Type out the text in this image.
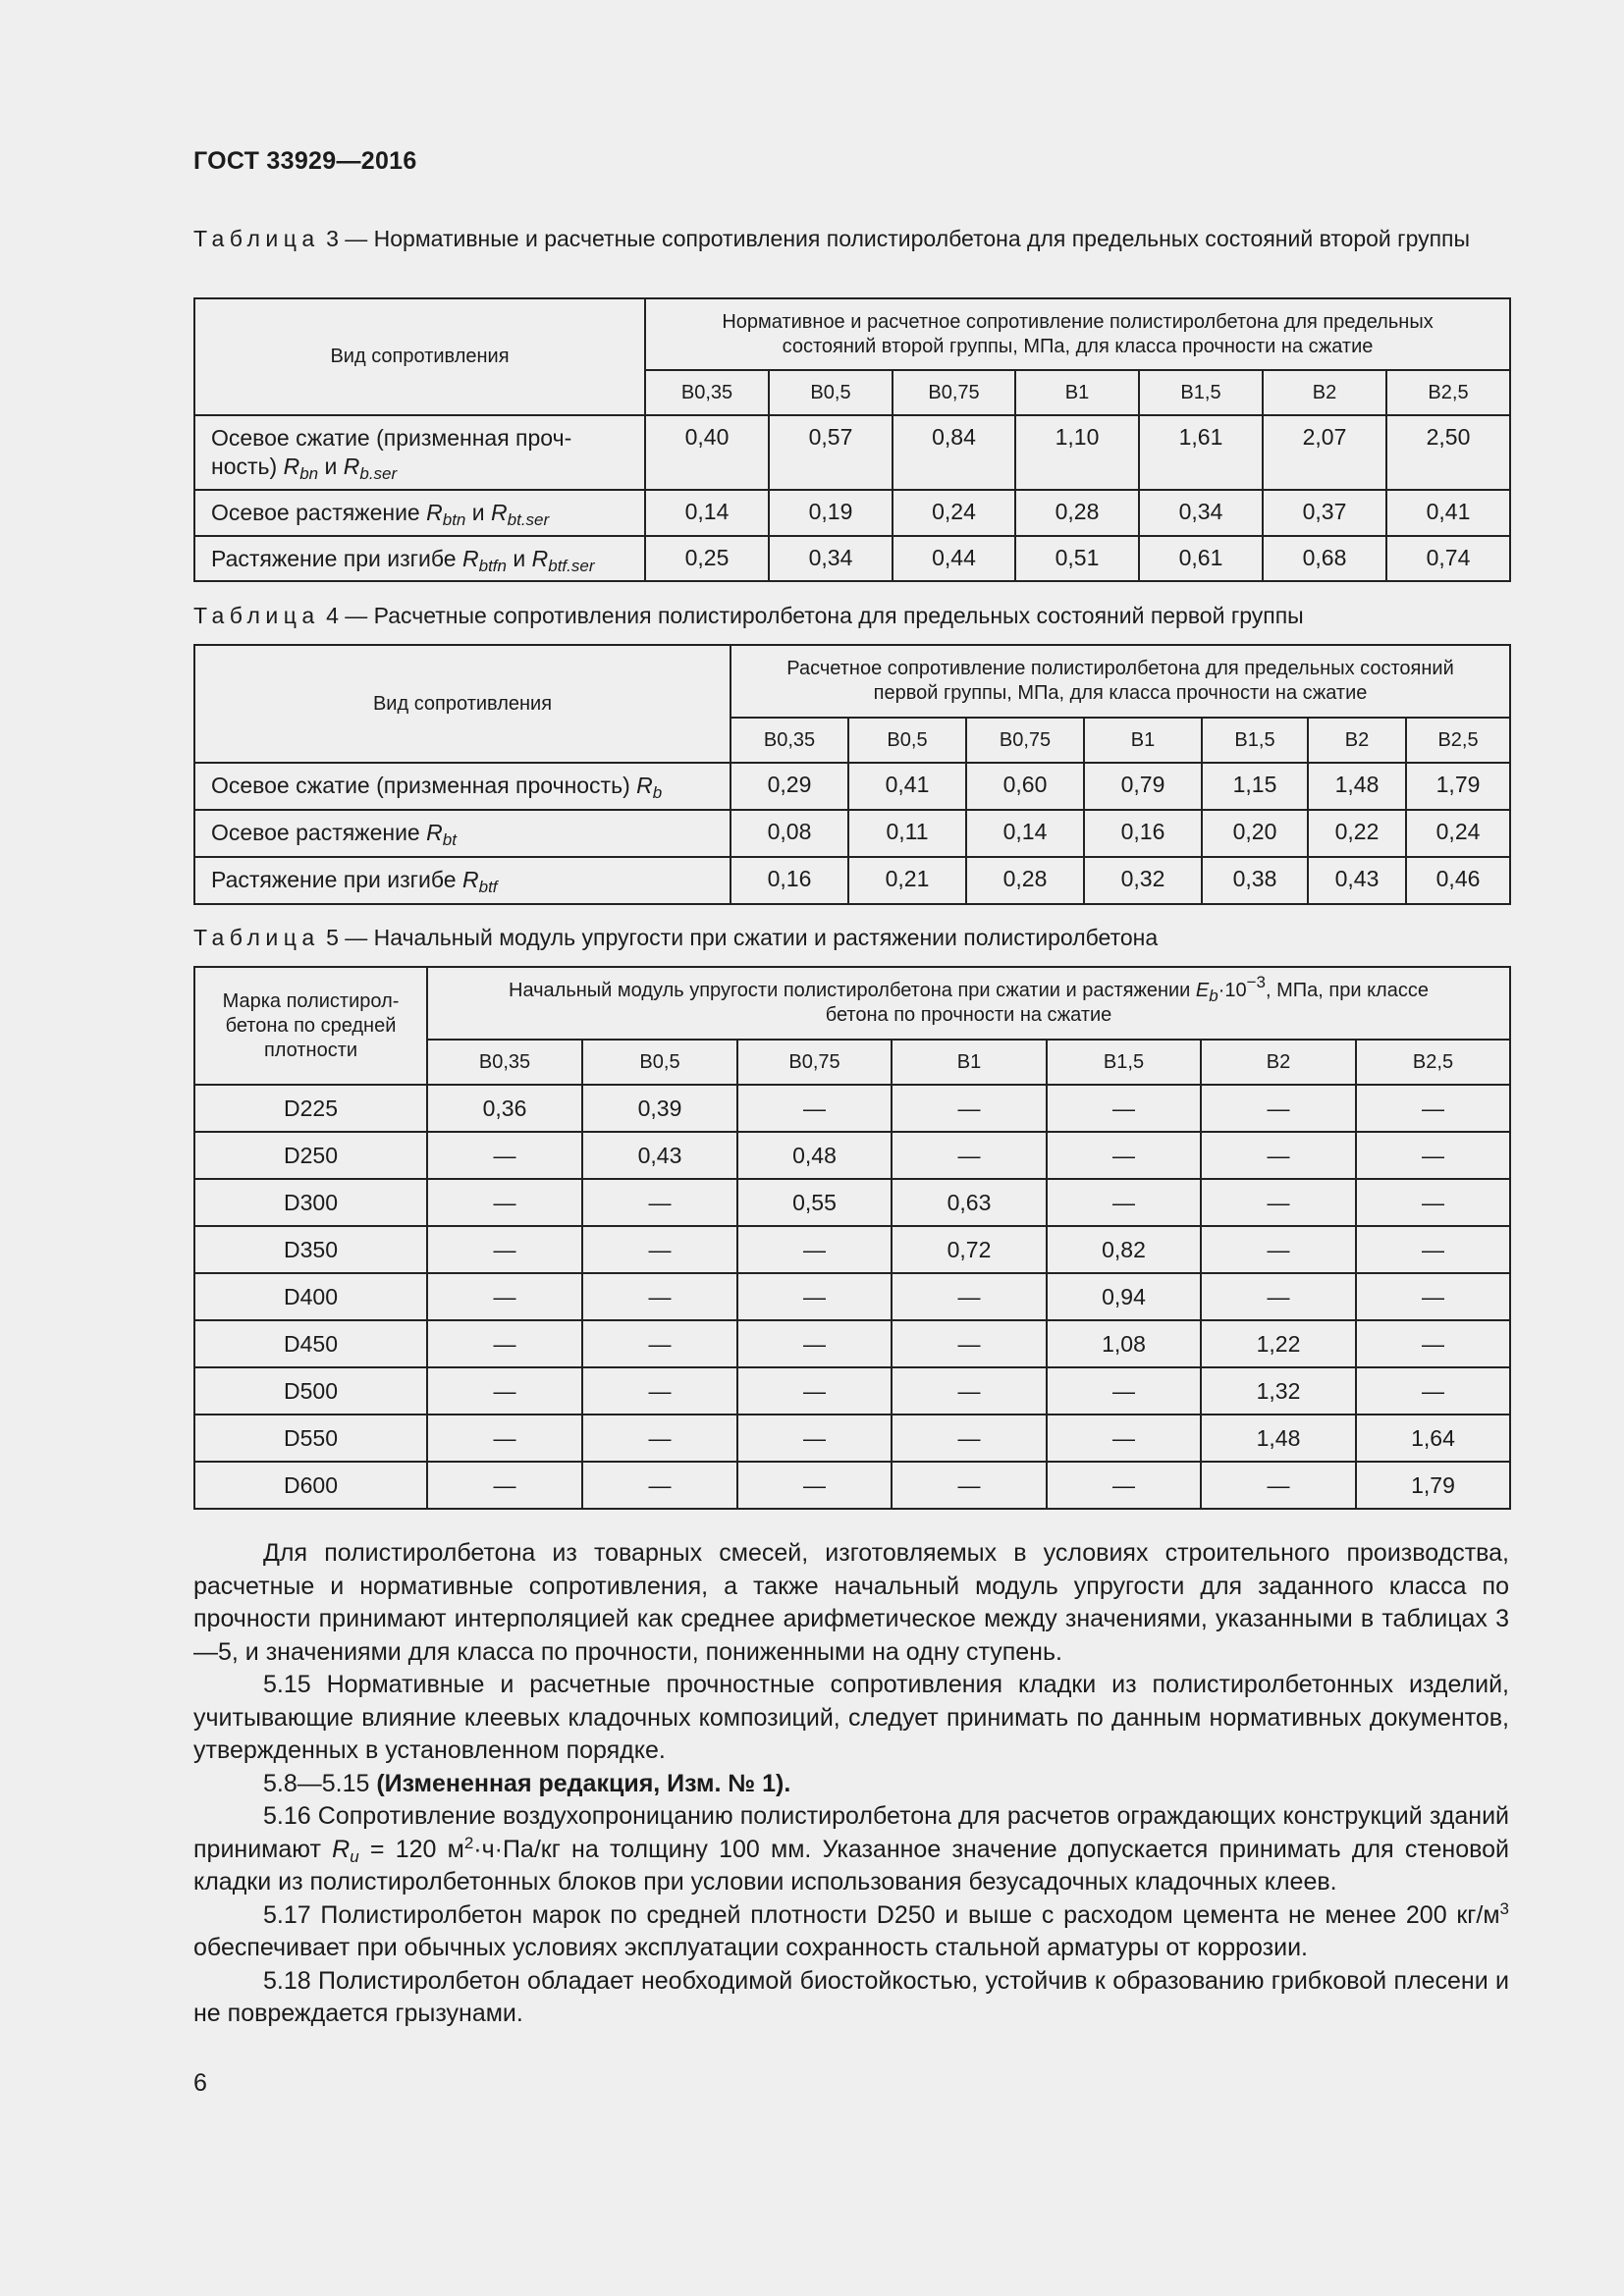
ГОСТ 33929—2016
Таблица 3 — Нормативные и расчетные сопротивления полистиролбетона для предельных состояний второй группы
Вид сопротивления	Нормативное и расчетное сопротивление полистиролбетона для предельных
состояний второй группы, МПа, для класса прочности на сжатие						
	В0,35	В0,5	В0,75	В1	В1,5	В2	В2,5
Осевое сжатие (призменная проч-
ность) $R_{bn}$ и $R_{b.ser}$	0,40	0,57	0,84	1,10	1,61	2,07	2,50
Осевое растяжение $R_{btn}$ и $R_{bt.ser}$	0,14	0,19	0,24	0,28	0,34	0,37	0,41
Растяжение при изгибе $R_{btfn}$ и $R_{btf.ser}$	0,25	0,34	0,44	0,51	0,61	0,68	0,74
Таблица 4 — Расчетные сопротивления полистиролбетона для предельных состояний первой группы
Вид сопротивления	Расчетное сопротивление полистиролбетона для предельных состояний
первой группы, МПа, для класса прочности на сжатие						
	В0,35	В0,5	В0,75	В1	В1,5	В2	В2,5
Осевое сжатие (призменная прочность) $R_b$	0,29	0,41	0,60	0,79	1,15	1,48	1,79
Осевое растяжение $R_{bt}$	0,08	0,11	0,14	0,16	0,20	0,22	0,24
Растяжение при изгибе $R_{btf}$	0,16	0,21	0,28	0,32	0,38	0,43	0,46
Таблица 5 — Начальный модуль упругости при сжатии и растяжении полистиролбетона
Марка полистирол-
бетона по средней
плотности	Начальный модуль упругости полистиролбетона при сжатии и растяжении $E_b\cdot 10^{-3}$, МПа, при классе
бетона по прочности на сжатие						
	В0,35	В0,5	В0,75	В1	В1,5	В2	В2,5
D225	0,36	0,39	—	—	—	—	—
D250	—	0,43	0,48	—	—	—	—
D300	—	—	0,55	0,63	—	—	—
D350	—	—	—	0,72	0,82	—	—
D400	—	—	—	—	0,94	—	—
D450	—	—	—	—	1,08	1,22	—
D500	—	—	—	—	—	1,32	—
D550	—	—	—	—	—	1,48	1,64
D600	—	—	—	—	—	—	1,79

Для полистиролбетона из товарных смесей, изготовляемых в условиях строительного производства, расчетные и нормативные сопротивления, а также начальный модуль упругости для заданного класса по прочности принимают интерполяцией как среднее арифметическое между значениями, указанными в таблицах 3—5, и значениями для класса по прочности, пониженными на одну ступень.

5.15 Нормативные и расчетные прочностные сопротивления кладки из полистиролбетонных изделий, учитывающие влияние клеевых кладочных композиций, следует принимать по данным нормативных документов, утвержденных в установленном порядке.

5.8—5.15 (Измененная редакция, Изм. № 1).

5.16 Сопротивление воздухопроницанию полистиролбетона для расчетов ограждающих конструкций зданий принимают $R_u = 120$ $м^2\cdot ч\cdot Па/кг$ на толщину 100 мм. Указанное значение допускается принимать для стеновой кладки из полистиролбетонных блоков при условии использования безусадочных кладочных клеев.

5.17 Полистиролбетон марок по средней плотности D250 и выше с расходом цемента не менее 200 $кг/м^3$ обеспечивает при обычных условиях эксплуатации сохранность стальной арматуры от коррозии.

5.18 Полистиролбетон обладает необходимой биостойкостью, устойчив к образованию грибковой плесени и не повреждается грызунами.

6
